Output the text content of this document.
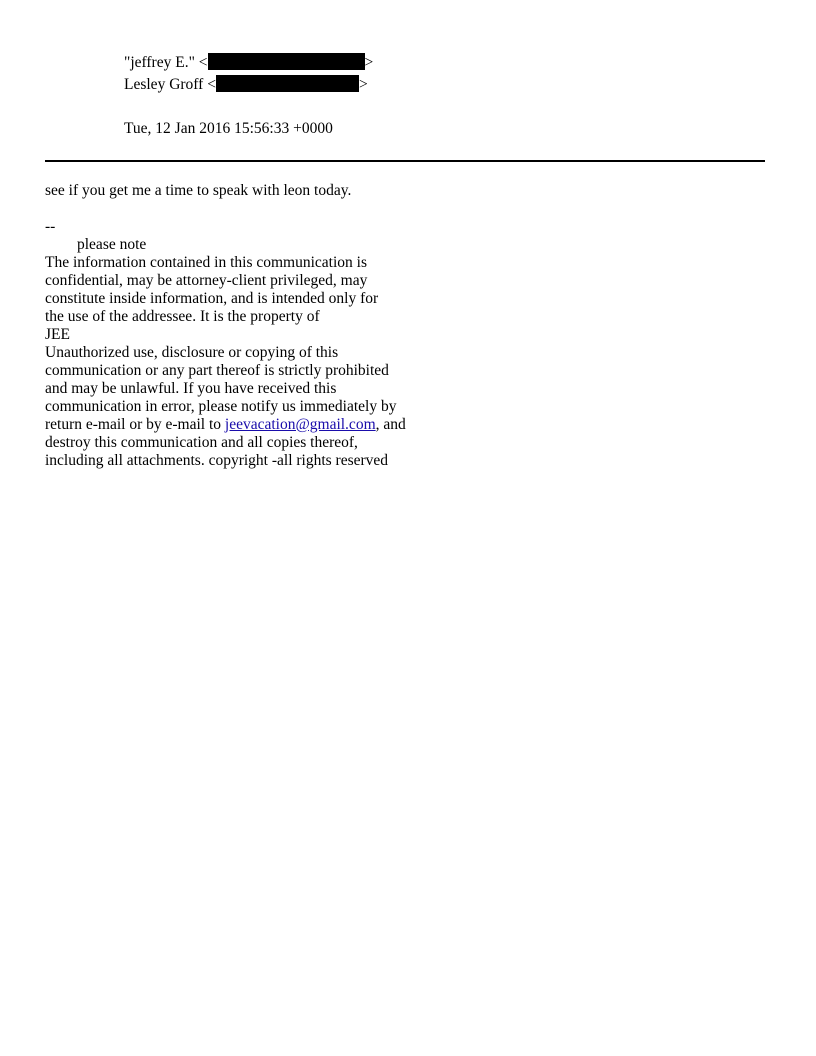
"jeffrey E." <	>
Lesley Groff <	>
Tue, 12 Jan 2016 15:56:33 +0000
see if you get me a time to speak with leon today.
--
please note
The information contained in this communication is
confidential, may be attorney-client privileged, may
constitute inside information, and is intended only for
the use of the addressee. It is the property of
JEE
Unauthorized use, disclosure or copying of this
communication or any part thereof is strictly prohibited
and may be unlawful. If you have received this
communication in error, please notify us immediately by
return e-mail or by e-mail to jeevacation@gmail.com, and
destroy this communication and all copies thereof,
including all attachments. copyright -all rights reserved
